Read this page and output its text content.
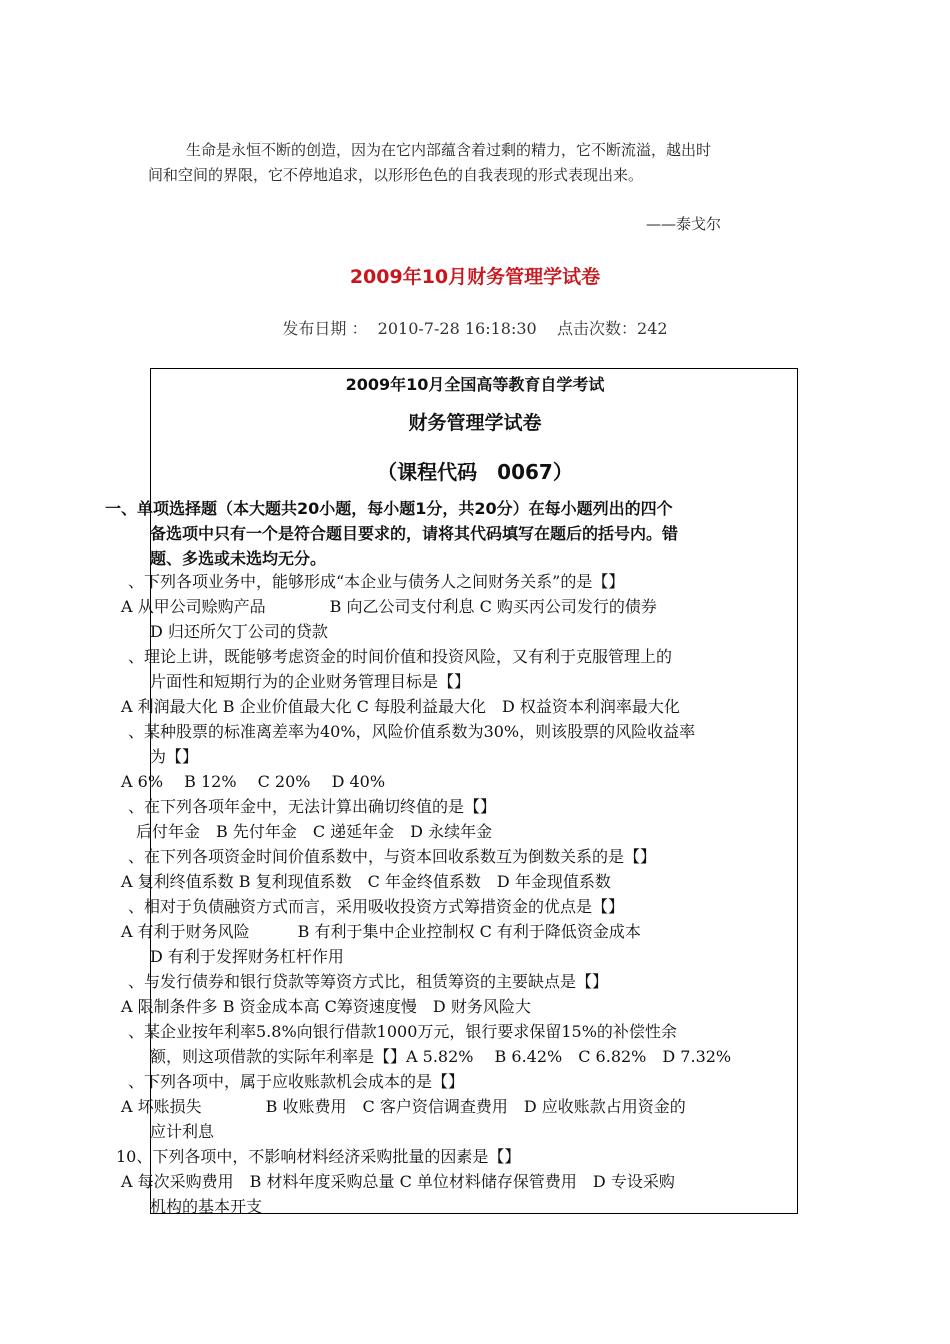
生命是永恒不断的创造，因为在它内部蕴含着过剩的精力，它不断流溢，越出时
间和空间的界限，它不停地追求，以形形色色的自我表现的形式表现出来。
——泰戈尔
2009年10月财务管理学试卷
发布日期 ： 2010-7-28 16:18:30 点击次数：242
2009年10月全国高等教育自学考试
财务管理学试卷
（课程代码　0067）
一、单项选择题（本大题共20小题，每小题1分，共20分）在每小题列出的四个
备选项中只有一个是符合题目要求的，请将其代码填写在题后的括号内。错
题、多选或未选均无分。
、下列各项业务中，能够形成“本企业与债务人之间财务关系”的是【】
A 从甲公司赊购产品　　　　B 向乙公司支付利息 C 购买丙公司发行的债券
D 归还所欠丁公司的贷款
、理论上讲，既能够考虑资金的时间价值和投资风险，又有利于克服管理上的
片面性和短期行为的企业财务管理目标是【】
A 利润最大化 B 企业价值最大化 C 每股利益最大化　D 权益资本利润率最大化
、某种股票的标准离差率为40%，风险价值系数为30%，则该股票的风险收益率
为【】
A 6%　 B 12%　 C 20%　 D 40%
、在下列各项年金中，无法计算出确切终值的是【】
后付年金　B 先付年金　C 递延年金　D 永续年金
、在下列各项资金时间价值系数中，与资本回收系数互为倒数关系的是【】
A 复利终值系数 B 复利现值系数　C 年金终值系数　D 年金现值系数
、相对于负债融资方式而言，采用吸收投资方式筹措资金的优点是【】
A 有利于财务风险　　　B 有利于集中企业控制权 C 有利于降低资金成本
D 有利于发挥财务杠杆作用
、与发行债券和银行贷款等筹资方式比，租赁筹资的主要缺点是【】
A 限制条件多 B 资金成本高 C筹资速度慢　D 财务风险大
、某企业按年利率5.8%向银行借款1000万元，银行要求保留15%的补偿性余
额，则这项借款的实际年利率是【】A 5.82%　 B 6.42%　C 6.82%　D 7.32%
、下列各项中，属于应收账款机会成本的是【】
A 坏账损失　　　　B 收账费用　C 客户资信调查费用　D 应收账款占用资金的
应计利息
10、下列各项中，不影响材料经济采购批量的因素是【】
A 每次采购费用　B 材料年度采购总量 C 单位材料储存保管费用　D 专设采购
机构的基本开支
